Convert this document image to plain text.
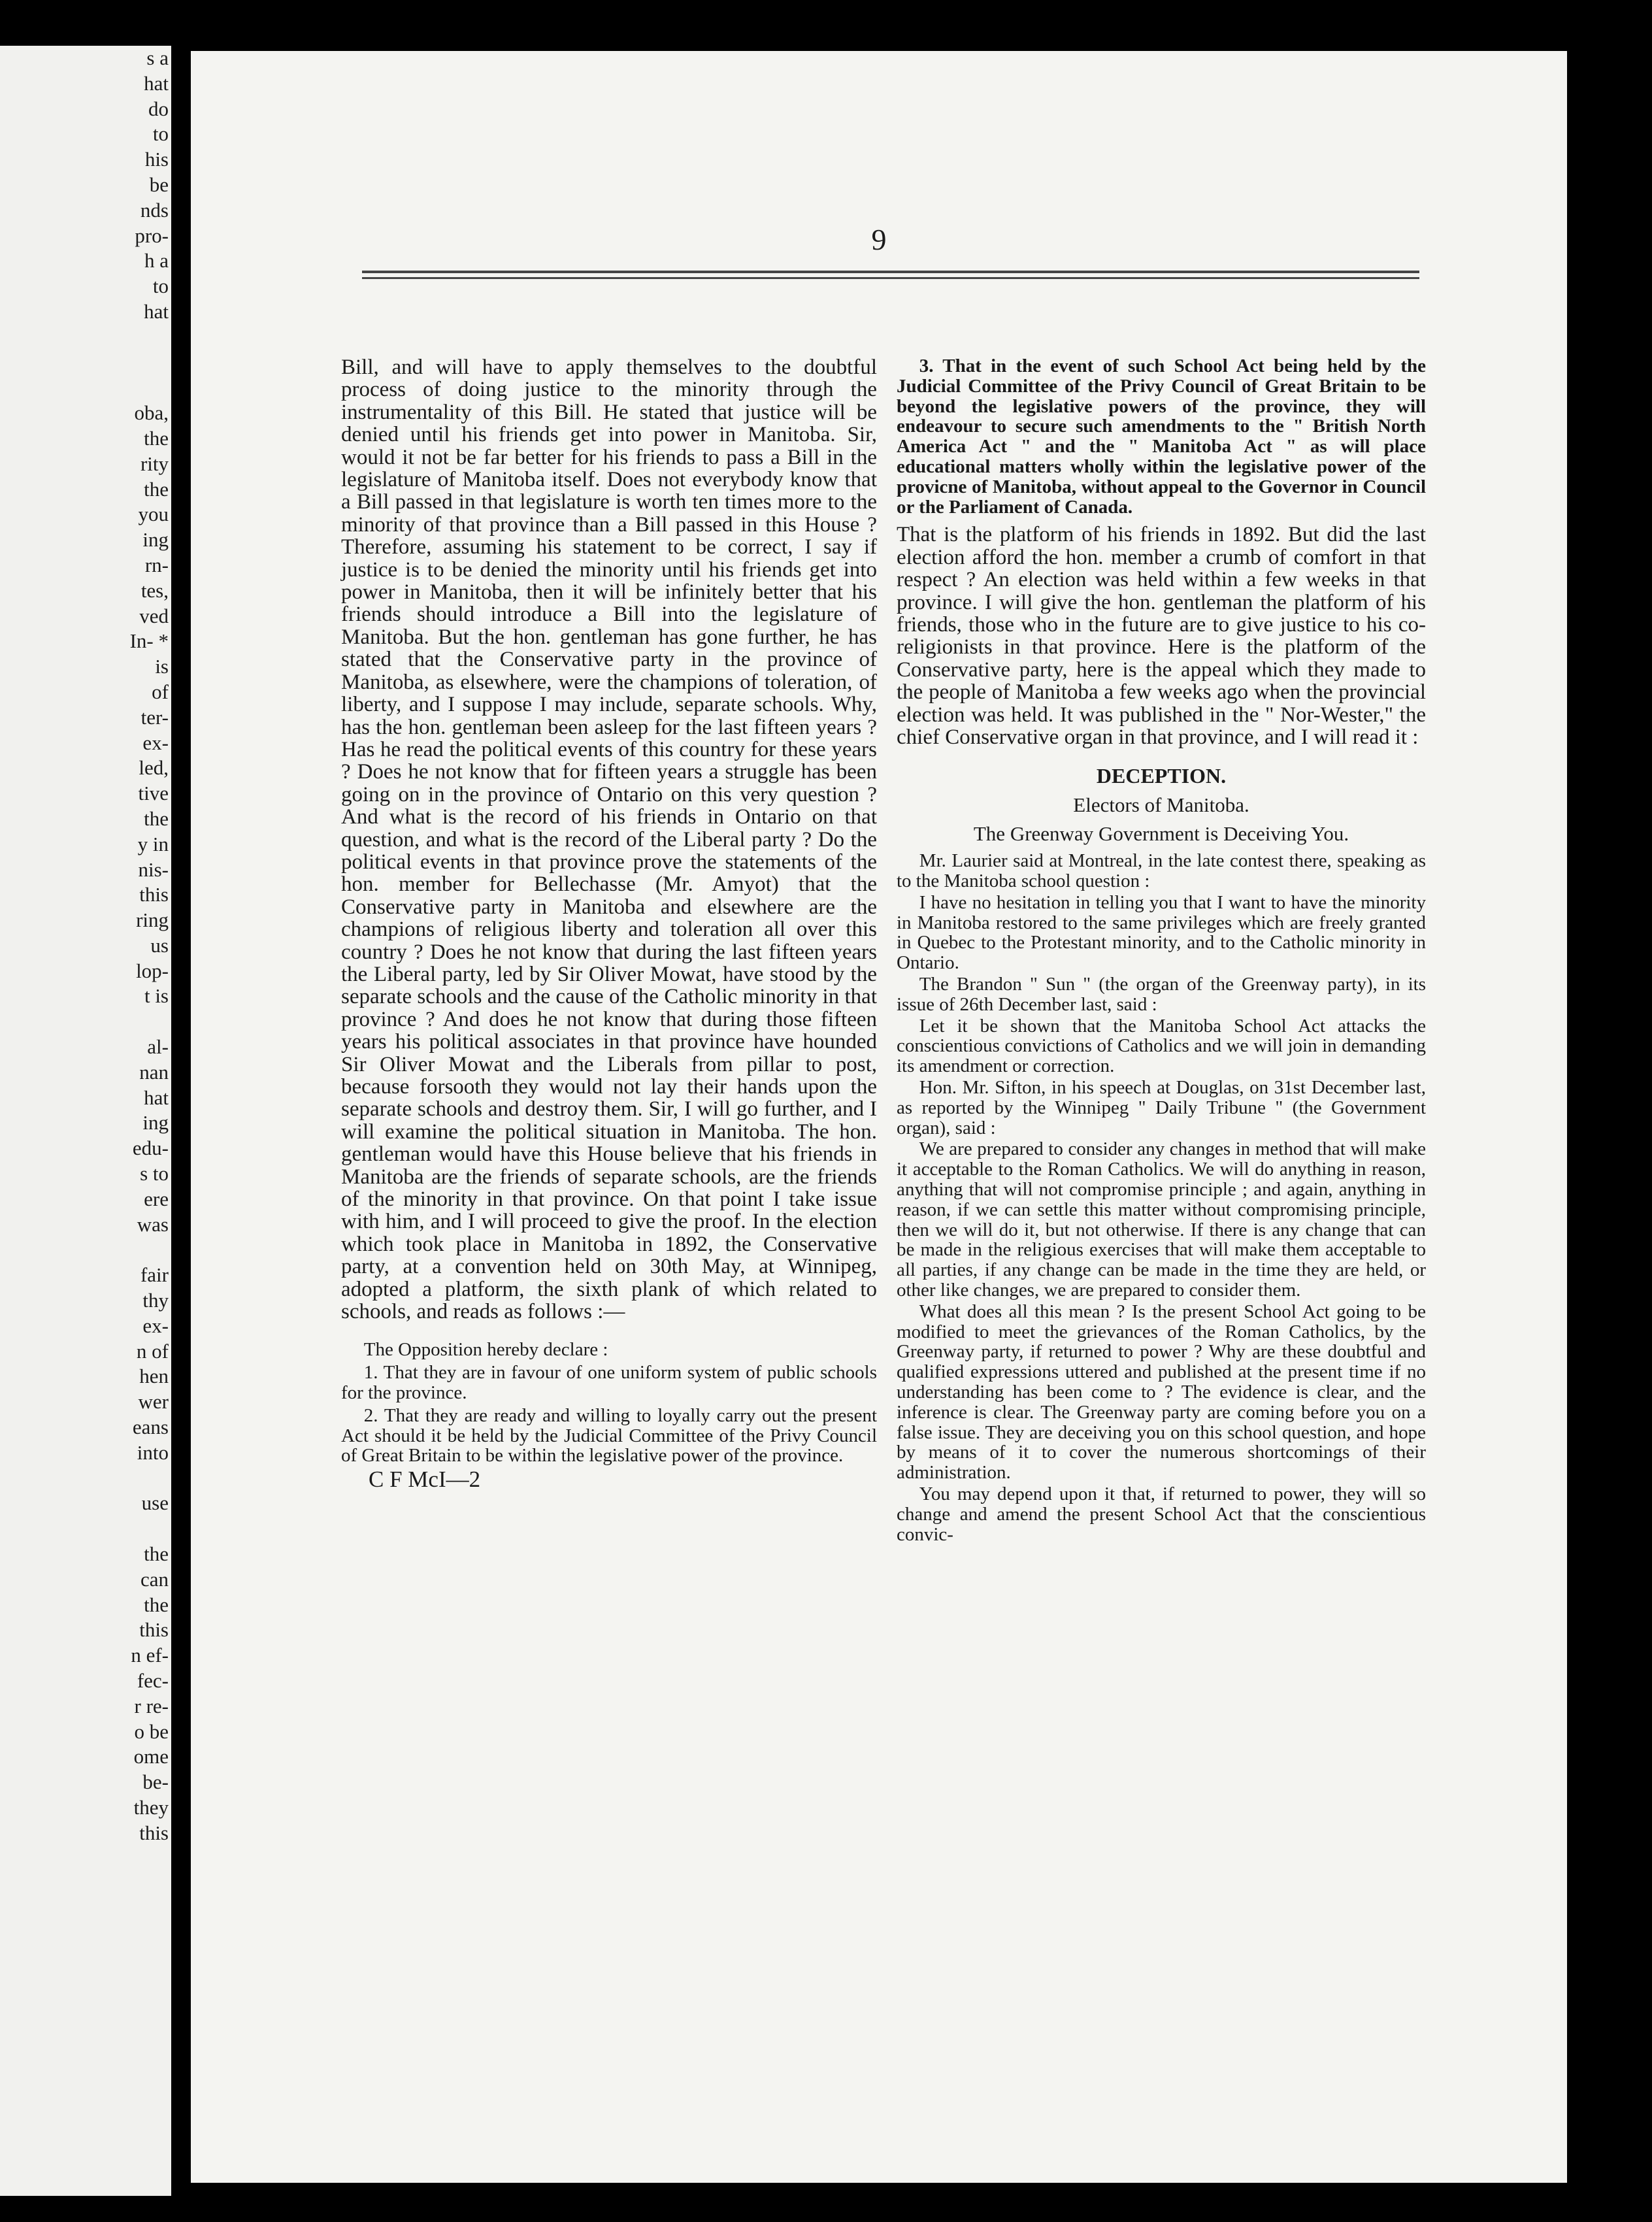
s a
hat
do
to
his
be
nds
pro-
h a
to
hat

oba,
the
rity
the
you
ing
rn-
tes,
ved
In- *
is
of
ter-
ex-
led,
tive
the
y in
nis-
this
ring
us
lop-
t is

al-
nan
hat
ing
edu-
s to
ere
was

fair
thy
ex-
n of
hen
wer
eans
into

use

the
can
the
this
n ef-
fec-
r re-
o be
ome
be-
they
this
9

Bill, and will have to apply themselves to the doubtful process of doing justice to the minority through the instrumentality of this Bill. He stated that justice will be denied until his friends get into power in Manitoba. Sir, would it not be far better for his friends to pass a Bill in the legislature of Manitoba itself. Does not everybody know that a Bill passed in that legislature is worth ten times more to the minority of that province than a Bill passed in this House ? Therefore, assuming his statement to be correct, I say if justice is to be denied the minority until his friends get into power in Manitoba, then it will be infinitely better that his friends should introduce a Bill into the legislature of Manitoba. But the hon. gentleman has gone further, he has stated that the Conservative party in the province of Manitoba, as elsewhere, were the champions of toleration, of liberty, and I suppose I may include, separate schools. Why, has the hon. gentleman been asleep for the last fifteen years ? Has he read the political events of this country for these years ? Does he not know that for fifteen years a struggle has been going on in the province of Ontario on this very question ? And what is the record of his friends in Ontario on that question, and what is the record of the Liberal party ? Do the political events in that province prove the statements of the hon. member for Bellechasse (Mr. Amyot) that the Conservative party in Manitoba and elsewhere are the champions of religious liberty and toleration all over this country ? Does he not know that during the last fifteen years the Liberal party, led by Sir Oliver Mowat, have stood by the separate schools and the cause of the Catholic minority in that province ? And does he not know that during those fifteen years his political associates in that province have hounded Sir Oliver Mowat and the Liberals from pillar to post, because forsooth they would not lay their hands upon the separate schools and destroy them. Sir, I will go further, and I will examine the political situation in Manitoba. The hon. gentleman would have this House believe that his friends in Manitoba are the friends of separate schools, are the friends of the minority in that province. On that point I take issue with him, and I will proceed to give the proof. In the election which took place in Manitoba in 1892, the Conservative party, at a convention held on 30th May, at Winnipeg, adopted a platform, the sixth plank of which related to schools, and reads as follows :—

The Opposition hereby declare :

1. That they are in favour of one uniform system of public schools for the province.

2. That they are ready and willing to loyally carry out the present Act should it be held by the Judicial Committee of the Privy Council of Great Britain to be within the legislative power of the province.

C F McI—2

3. That in the event of such School Act being held by the Judicial Committee of the Privy Council of Great Britain to be beyond the legislative powers of the province, they will endeavour to secure such amendments to the " British North America Act " and the " Manitoba Act " as will place educational matters wholly within the legislative power of the provicne of Manitoba, without appeal to the Governor in Council or the Parliament of Canada.

That is the platform of his friends in 1892. But did the last election afford the hon. member a crumb of comfort in that respect ? An election was held within a few weeks in that province. I will give the hon. gentleman the platform of his friends, those who in the future are to give justice to his co-religionists in that province. Here is the platform of the Conservative party, here is the appeal which they made to the people of Manitoba a few weeks ago when the provincial election was held. It was published in the " Nor-Wester," the chief Conservative organ in that province, and I will read it :

DECEPTION.

Electors of Manitoba.

The Greenway Government is Deceiving You.

Mr. Laurier said at Montreal, in the late contest there, speaking as to the Manitoba school question :

I have no hesitation in telling you that I want to have the minority in Manitoba restored to the same privileges which are freely granted in Quebec to the Protestant minority, and to the Catholic minority in Ontario.

The Brandon " Sun " (the organ of the Greenway party), in its issue of 26th December last, said :

Let it be shown that the Manitoba School Act attacks the conscientious convictions of Catholics and we will join in demanding its amendment or correction.

Hon. Mr. Sifton, in his speech at Douglas, on 31st December last, as reported by the Winnipeg " Daily Tribune " (the Government organ), said :

We are prepared to consider any changes in method that will make it acceptable to the Roman Catholics. We will do anything in reason, anything that will not compromise principle ; and again, anything in reason, if we can settle this matter without compromising principle, then we will do it, but not otherwise. If there is any change that can be made in the religious exercises that will make them acceptable to all parties, if any change can be made in the time they are held, or other like changes, we are prepared to consider them.

What does all this mean ? Is the present School Act going to be modified to meet the grievances of the Roman Catholics, by the Greenway party, if returned to power ? Why are these doubtful and qualified expressions uttered and published at the present time if no understanding has been come to ? The evidence is clear, and the inference is clear. The Greenway party are coming before you on a false issue. They are deceiving you on this school question, and hope by means of it to cover the numerous shortcomings of their administration.

You may depend upon it that, if returned to power, they will so change and amend the present School Act that the conscientious convic-
